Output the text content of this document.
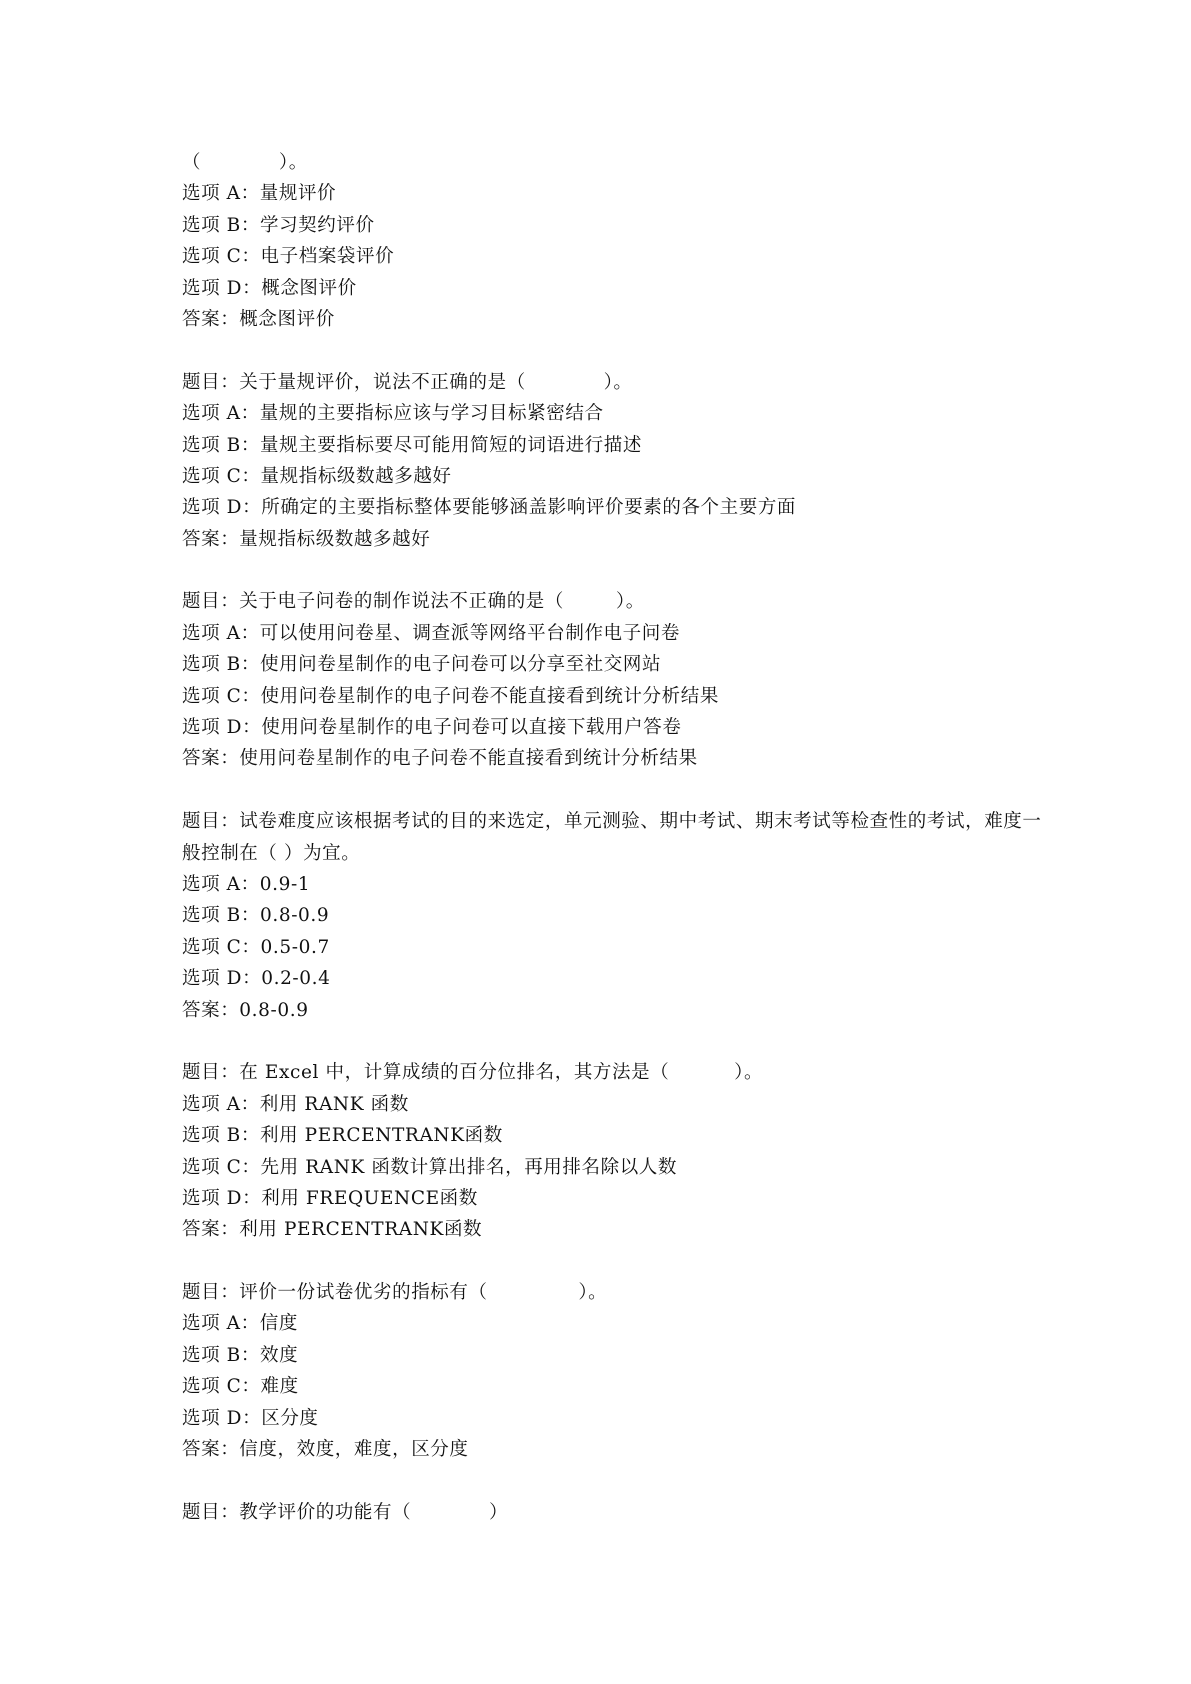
（            ）。
选项 A：量规评价
选项 B：学习契约评价
选项 C：电子档案袋评价
选项 D：概念图评价
答案：概念图评价
题目：关于量规评价，说法不正确的是（            ）。
选项 A：量规的主要指标应该与学习目标紧密结合
选项 B：量规主要指标要尽可能用简短的词语进行描述
选项 C：量规指标级数越多越好
选项 D：所确定的主要指标整体要能够涵盖影响评价要素的各个主要方面
答案：量规指标级数越多越好
题目：关于电子问卷的制作说法不正确的是（        ）。
选项 A：可以使用问卷星、调查派等网络平台制作电子问卷
选项 B：使用问卷星制作的电子问卷可以分享至社交网站
选项 C：使用问卷星制作的电子问卷不能直接看到统计分析结果
选项 D：使用问卷星制作的电子问卷可以直接下载用户答卷
答案：使用问卷星制作的电子问卷不能直接看到统计分析结果
题目：试卷难度应该根据考试的目的来选定，单元测验、期中考试、期末考试等检查性的考试，难度一般控制在（ ）为宜。
选项 A：0.9-1
选项 B：0.8-0.9
选项 C：0.5-0.7
选项 D：0.2-0.4
答案：0.8-0.9
题目：在 Excel 中，计算成绩的百分位排名，其方法是（          ）。
选项 A：利用 RANK 函数
选项 B：利用 PERCENTRANK函数
选项 C：先用 RANK 函数计算出排名，再用排名除以人数
选项 D：利用 FREQUENCE函数
答案：利用 PERCENTRANK函数
题目：评价一份试卷优劣的指标有（              ）。
选项 A：信度
选项 B：效度
选项 C：难度
选项 D：区分度
答案：信度，效度，难度，区分度
题目：教学评价的功能有（            ）
